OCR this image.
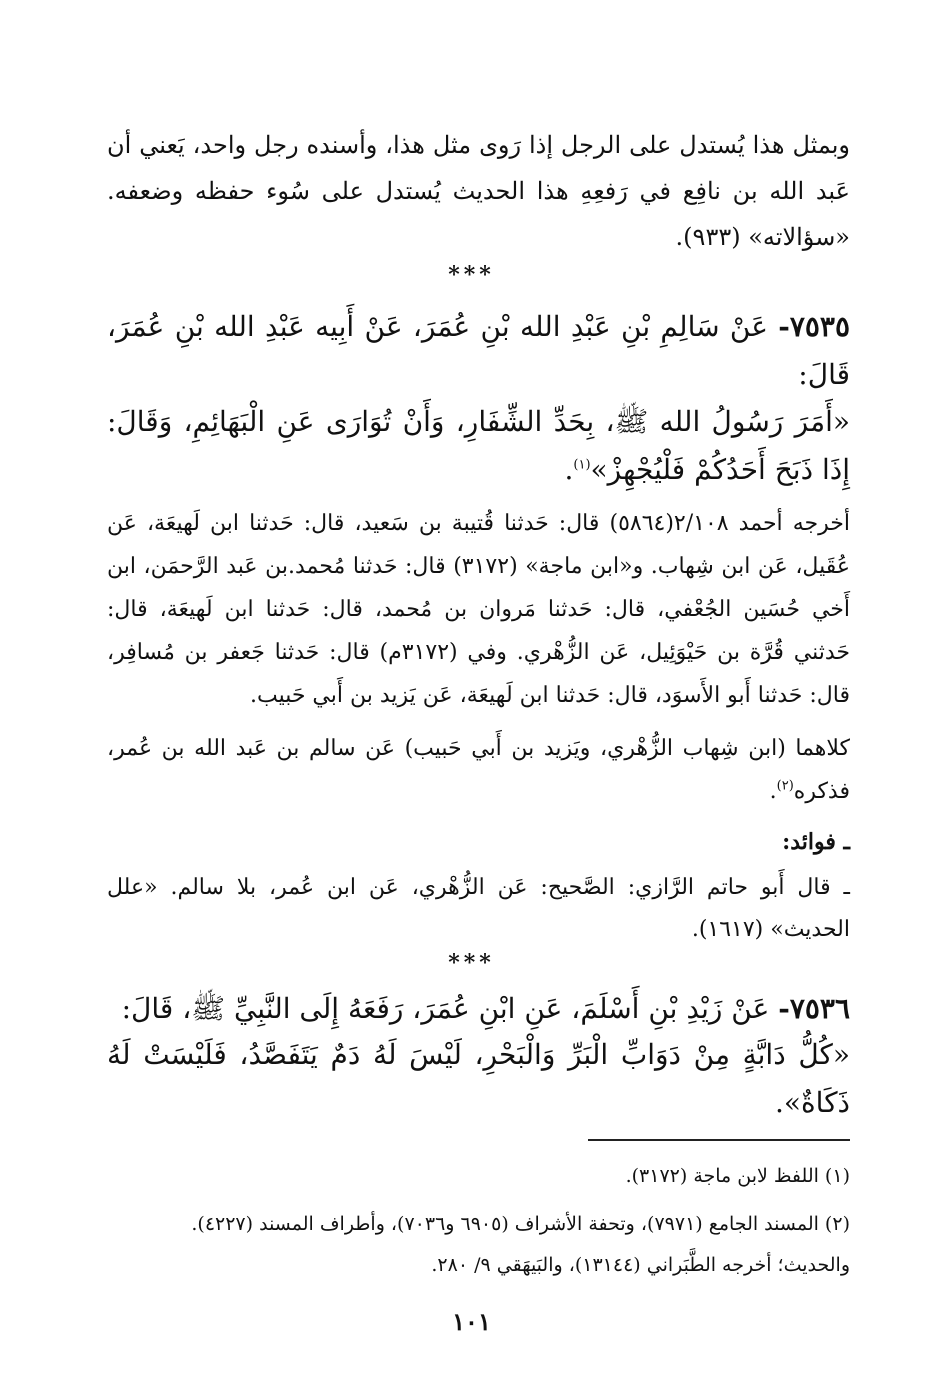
وبمثل هذا يُستدل على الرجل إذا رَوى مثل هذا، وأسنده رجل واحد، يَعني أن عَبد الله بن نافِع في رَفعِهِ هذا الحديث يُستدل على سُوء حفظه وضعفه. «سؤالاته» (٩٣٣).

***

٧٥٣٥- عَنْ سَالِمِ بْنِ عَبْدِ الله بْنِ عُمَرَ، عَنْ أَبِيه عَبْدِ الله بْنِ عُمَرَ، قَالَ:

«أَمَرَ رَسُولُ الله ﷺ، بِحَدِّ الشِّفَارِ، وَأَنْ تُوَارَى عَنِ الْبَهَائِمِ، وَقَالَ: إِذَا ذَبَحَ أَحَدُكُمْ فَلْيُجْهِزْ»$^{(١)}$.

أخرجه أحمد ٢/١٠٨(٥٨٦٤) قال: حَدثنا قُتيبة بن سَعيد، قال: حَدثنا ابن لَهيعَة، عَن عُقَيل، عَن ابن شِهاب. و«ابن ماجة» (٣١٧٢) قال: حَدثنا مُحمد.بن عَبد الرَّحمَن، ابن أَخي حُسَين الجُعْفي، قال: حَدثنا مَروان بن مُحمد، قال: حَدثنا ابن لَهيعَة، قال: حَدثني قُرَّة بن حَيْوَئِيل، عَن الزُّهْري. وفي (٣١٧٢م) قال: حَدثنا جَعفر بن مُسافِر، قال: حَدثنا أَبو الأَسوَد، قال: حَدثنا ابن لَهيعَة، عَن يَزيد بن أَبي حَبيب.

كلاهما (ابن شِهاب الزُّهْري، ويَزيد بن أَبي حَبيب) عَن سالم بن عَبد الله بن عُمر، فذكره$^{(٢)}$.

ـ فوائد:

ـ قال أَبو حاتم الرَّازي: الصَّحيح: عَن الزُّهْري، عَن ابن عُمر، بلا سالم. «علل الحديث» (١٦١٧).

***

٧٥٣٦- عَنْ زَيْدِ بْنِ أَسْلَمَ، عَنِ ابْنِ عُمَرَ، رَفَعَهُ إِلَى النَّبِيِّ ﷺ، قَالَ:

«كُلُّ دَابَّةٍ مِنْ دَوَابِّ الْبَرِّ وَالْبَحْرِ، لَيْسَ لَهُ دَمٌ يَتَفَصَّدُ، فَلَيْسَتْ لَهُ ذَكَاةٌ».

(١) اللفظ لابن ماجة (٣١٧٢).

(٢) المسند الجامع (٧٩٧١)، وتحفة الأشراف (٦٩٠٥ و٧٠٣٦)، وأطراف المسند (٤٢٢٧).

والحديث؛ أخرجه الطَّبَراني (١٣١٤٤)، والبَيهَقي ٩/ ٢٨٠.

١٠١
